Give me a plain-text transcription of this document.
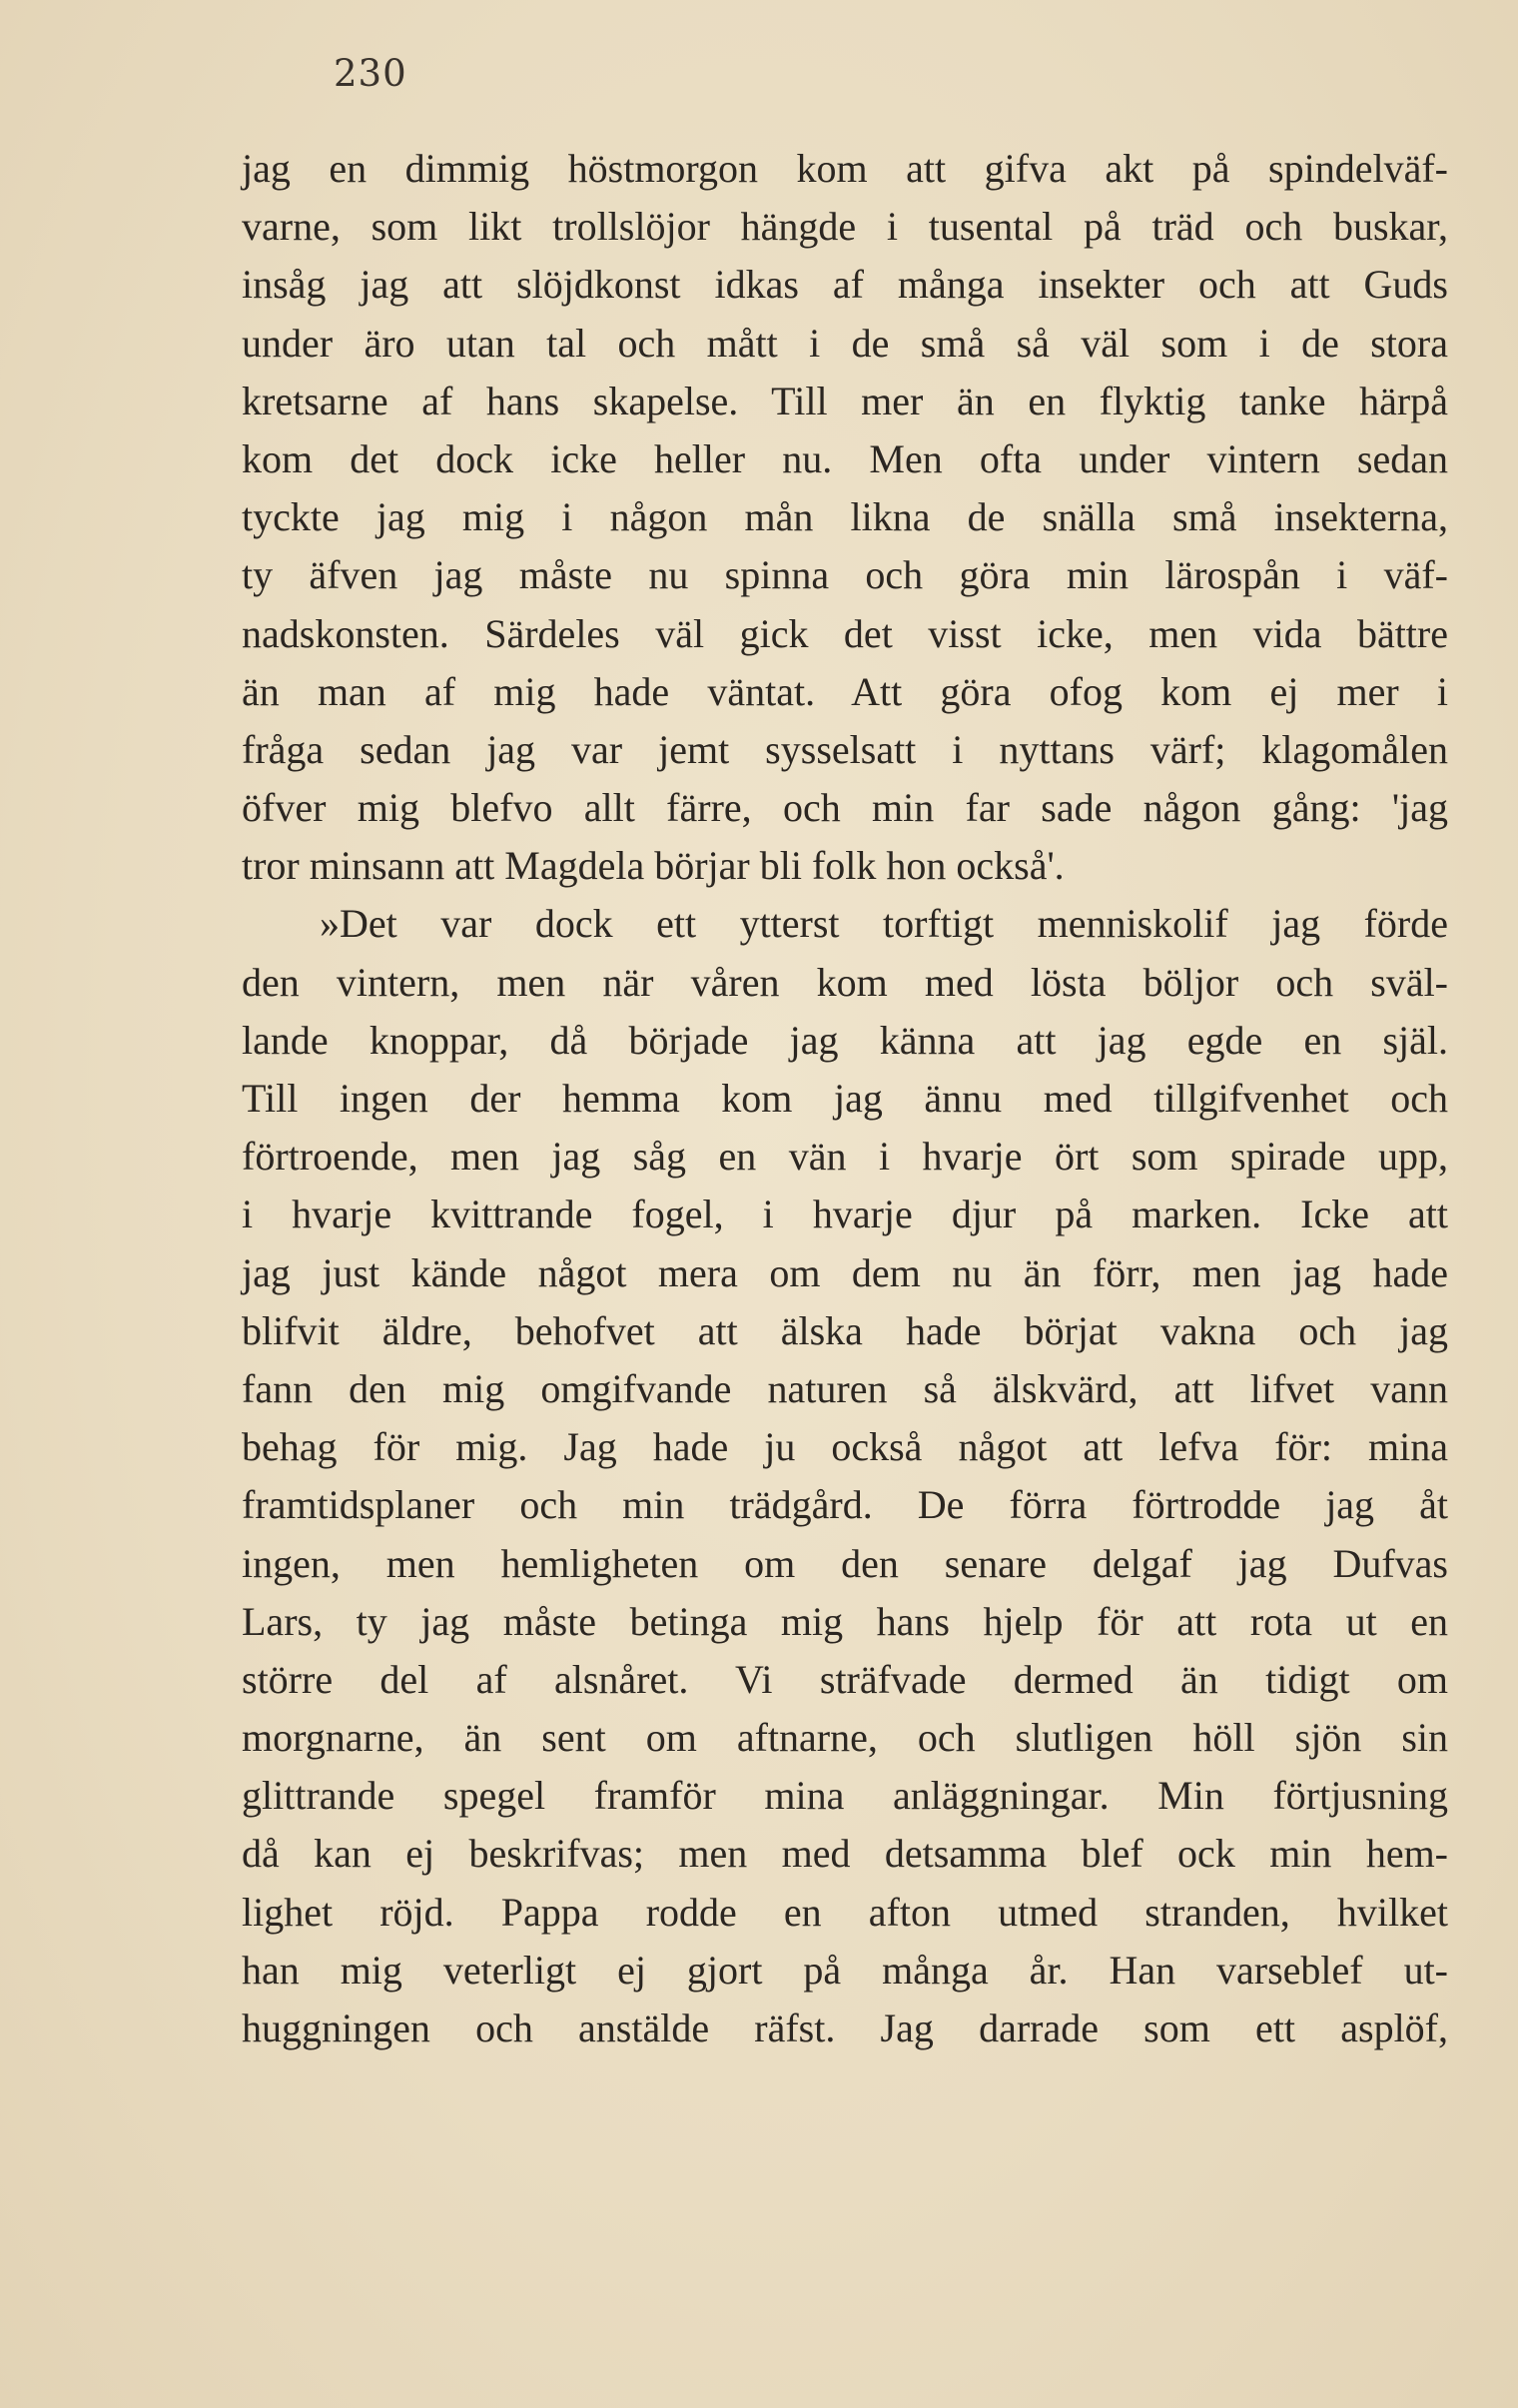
230
jag en dimmig höstmorgon kom att gifva akt på spindelväf-
varne, som likt trollslöjor hängde i tusental på träd och buskar,
insåg jag att slöjdkonst idkas af många insekter och att Guds
under äro utan tal och mått i de små så väl som i de stora
kretsarne af hans skapelse. Till mer än en flyktig tanke härpå
kom det dock icke heller nu. Men ofta under vintern sedan
tyckte jag mig i någon mån likna de snälla små insekterna,
ty äfven jag måste nu spinna och göra min lärospån i väf-
nadskonsten. Särdeles väl gick det visst icke, men vida bättre
än man af mig hade väntat. Att göra ofog kom ej mer i
fråga sedan jag var jemt sysselsatt i nyttans värf; klagomålen
öfver mig blefvo allt färre, och min far sade någon gång: 'jag
tror minsann att Magdela börjar bli folk hon också'.
»Det var dock ett ytterst torftigt menniskolif jag förde
den vintern, men när våren kom med lösta böljor och sväl-
lande knoppar, då började jag känna att jag egde en själ.
Till ingen der hemma kom jag ännu med tillgifvenhet och
förtroende, men jag såg en vän i hvarje ört som spirade upp,
i hvarje kvittrande fogel, i hvarje djur på marken. Icke att
jag just kände något mera om dem nu än förr, men jag hade
blifvit äldre, behofvet att älska hade börjat vakna och jag
fann den mig omgifvande naturen så älskvärd, att lifvet vann
behag för mig. Jag hade ju också något att lefva för: mina
framtidsplaner och min trädgård. De förra förtrodde jag åt
ingen, men hemligheten om den senare delgaf jag Dufvas
Lars, ty jag måste betinga mig hans hjelp för att rota ut en
större del af alsnåret. Vi sträfvade dermed än tidigt om
morgnarne, än sent om aftnarne, och slutligen höll sjön sin
glittrande spegel framför mina anläggningar. Min förtjusning
då kan ej beskrifvas; men med detsamma blef ock min hem-
lighet röjd. Pappa rodde en afton utmed stranden, hvilket
han mig veterligt ej gjort på många år. Han varseblef ut-
huggningen och anstälde räfst. Jag darrade som ett asplöf,
